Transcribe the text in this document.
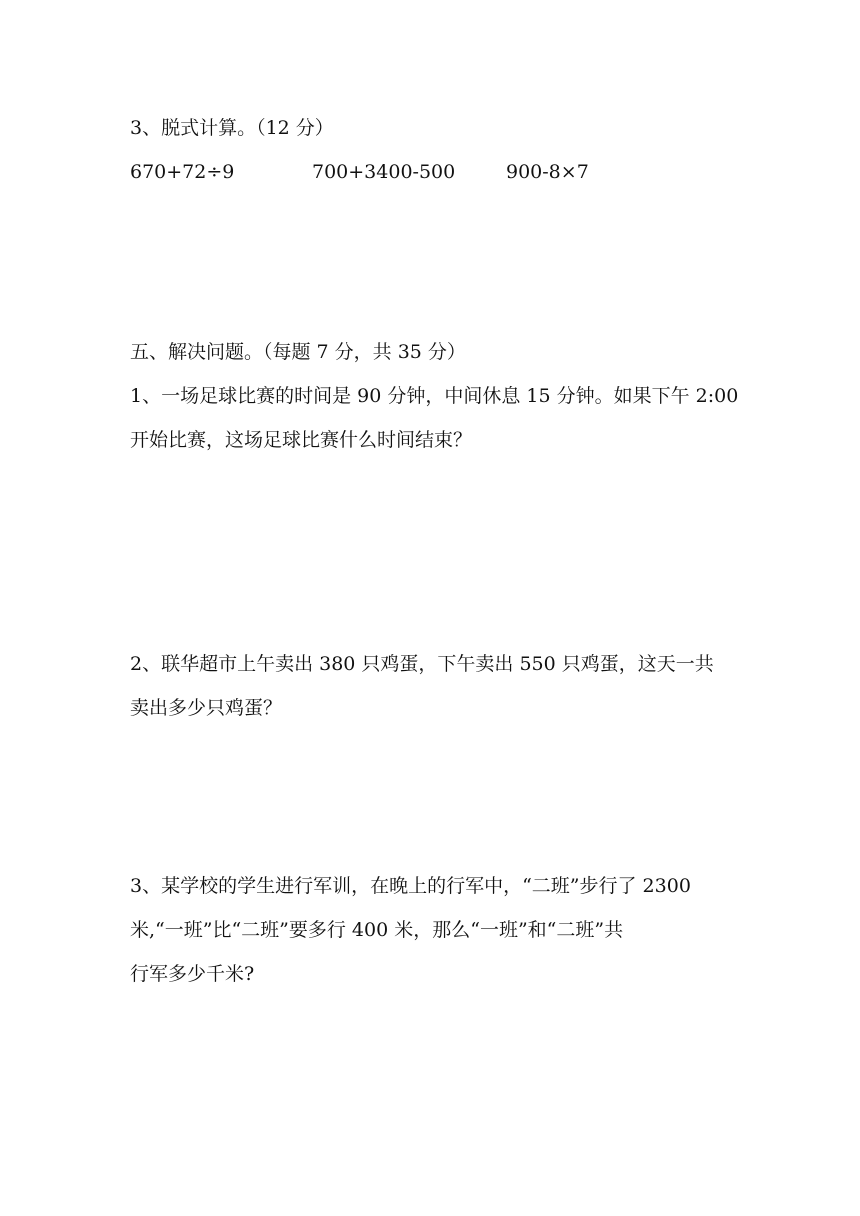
3、脱式计算。（12 分）
670+72÷9	700+3400-500	900-8×7
五、解决问题。（每题 7 分，共 35 分）
1、一场足球比赛的时间是 90 分钟，中间休息 15 分钟。如果下午 2:00
开始比赛，这场足球比赛什么时间结束？
2、联华超市上午卖出 380 只鸡蛋，下午卖出 550 只鸡蛋，这天一共
卖出多少只鸡蛋？
3、某学校的学生进行军训，在晚上的行军中，“二班”步行了 2300
米,“一班”比“二班”要多行 400 米，那么“一班”和“二班”共
行军多少千米?
